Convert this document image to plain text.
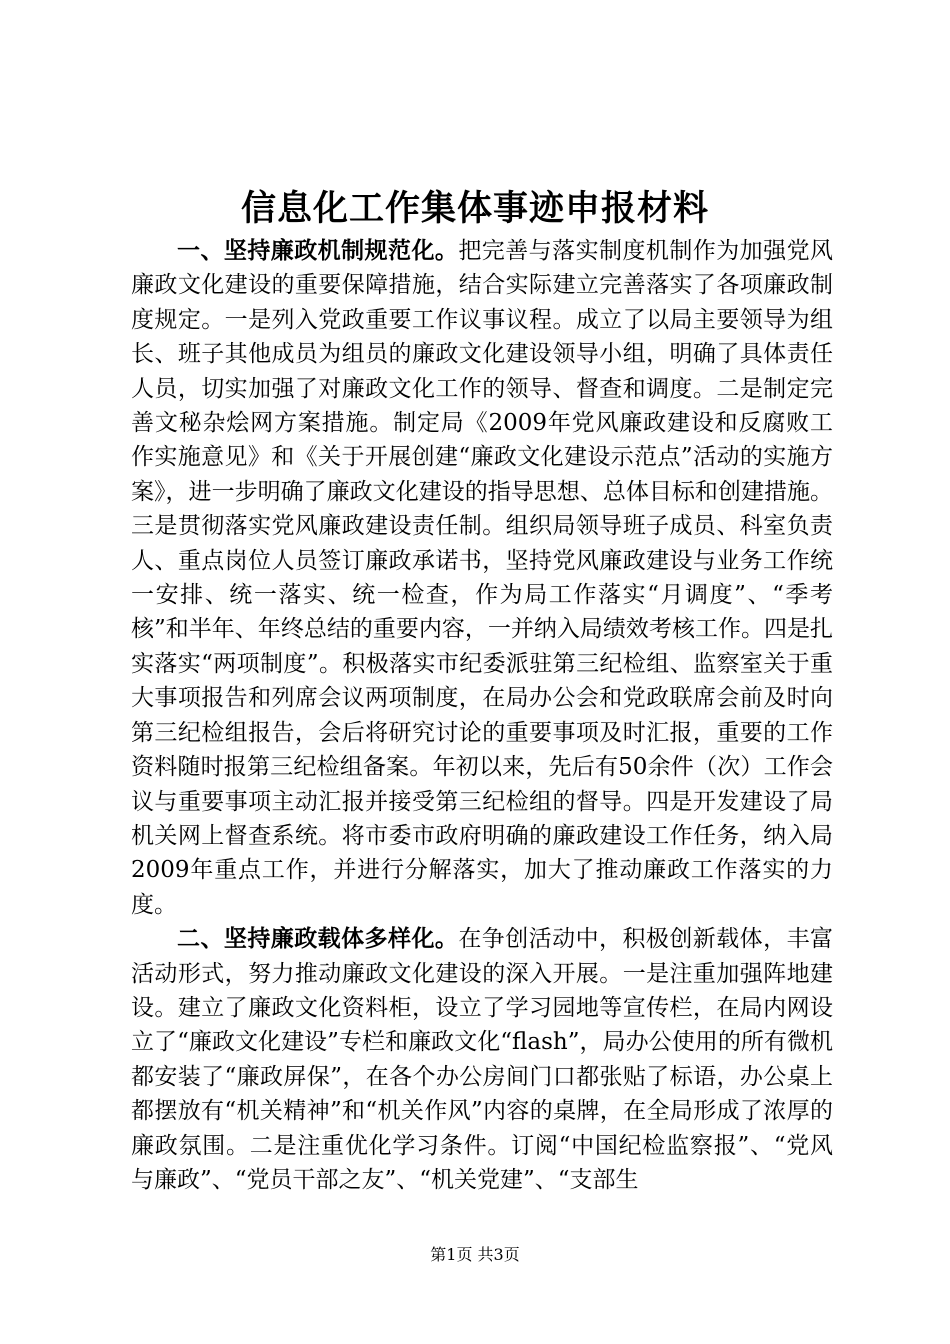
信息化工作集体事迹申报材料

一、坚持廉政机制规范化。把完善与落实制度机制作为加强党风廉政文化建设的重要保障措施，结合实际建立完善落实了各项廉政制度规定。一是列入党政重要工作议事议程。成立了以局主要领导为组长、班子其他成员为组员的廉政文化建设领导小组，明确了具体责任人员，切实加强了对廉政文化工作的领导、督查和调度。二是制定完善文秘杂烩网方案措施。制定局《2009年党风廉政建设和反腐败工作实施意见》和《关于开展创建“廉政文化建设示范点”活动的实施方案》，进一步明确了廉政文化建设的指导思想、总体目标和创建措施。三是贯彻落实党风廉政建设责任制。组织局领导班子成员、科室负责人、重点岗位人员签订廉政承诺书，坚持党风廉政建设与业务工作统一安排、统一落实、统一检查，作为局工作落实“月调度”、“季考核”和半年、年终总结的重要内容，一并纳入局绩效考核工作。四是扎实落实“两项制度”。积极落实市纪委派驻第三纪检组、监察室关于重大事项报告和列席会议两项制度，在局办公会和党政联席会前及时向第三纪检组报告，会后将研究讨论的重要事项及时汇报，重要的工作资料随时报第三纪检组备案。年初以来，先后有50余件（次）工作会议与重要事项主动汇报并接受第三纪检组的督导。四是开发建设了局机关网上督查系统。将市委市政府明确的廉政建设工作任务，纳入局2009年重点工作，并进行分解落实，加大了推动廉政工作落实的力度。

二、坚持廉政载体多样化。在争创活动中，积极创新载体，丰富活动形式，努力推动廉政文化建设的深入开展。一是注重加强阵地建设。建立了廉政文化资料柜，设立了学习园地等宣传栏，在局内网设立了“廉政文化建设”专栏和廉政文化“flash”，局办公使用的所有微机都安装了“廉政屏保”，在各个办公房间门口都张贴了标语，办公桌上都摆放有“机关精神”和“机关作风”内容的桌牌，在全局形成了浓厚的廉政氛围。二是注重优化学习条件。订阅“中国纪检监察报”、“党风与廉政”、“党员干部之友”、“机关党建”、“支部生

第1页 共3页
